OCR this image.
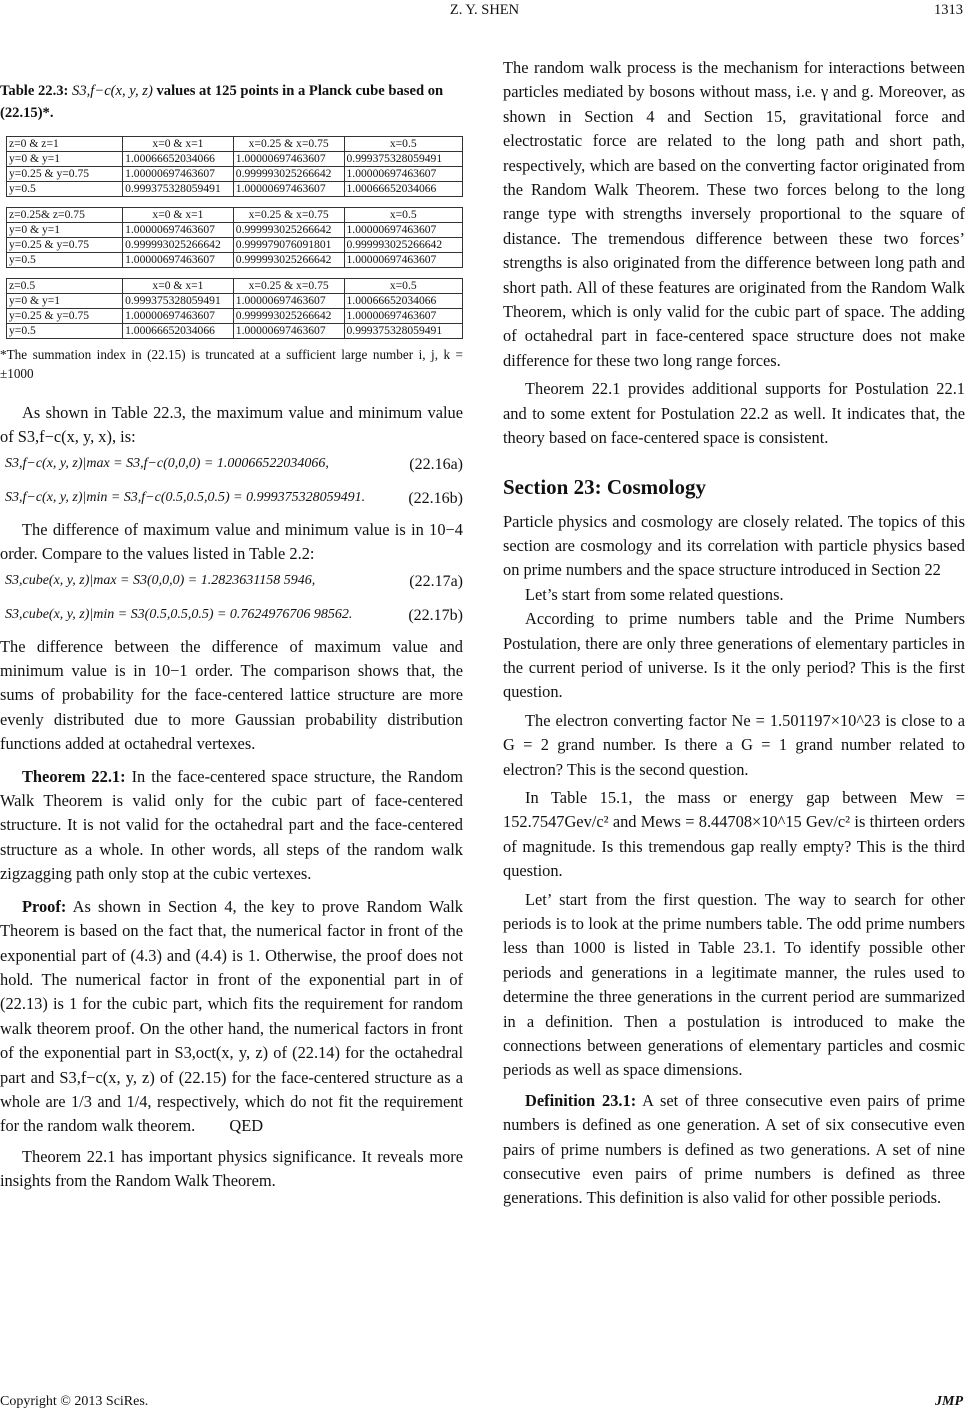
Z. Y. SHEN	1313
Table 22.3: S3,f−c(x, y, z) values at 125 points in a Planck cube based on (22.15)*.
z=0 & z=1	x=0 & x=1	x=0.25 & x=0.75	x=0.5
y=0 & y=1	1.00066652034066	1.00000697463607	0.999375328059491
y=0.25 & y=0.75	1.00000697463607	0.999993025266642	1.00000697463607
y=0.5	0.999375328059491	1.00000697463607	1.00066652034066
z=0.25& z=0.75	x=0 & x=1	x=0.25 & x=0.75	x=0.5
y=0 & y=1	1.00000697463607	0.999993025266642	1.00000697463607
y=0.25 & y=0.75	0.999993025266642	0.999979076091801	0.999993025266642
y=0.5	1.00000697463607	0.999993025266642	1.00000697463607
z=0.5	x=0 & x=1	x=0.25 & x=0.75	x=0.5
y=0 & y=1	0.999375328059491	1.00000697463607	1.00066652034066
y=0.25 & y=0.75	1.00000697463607	0.999993025266642	1.00000697463607
y=0.5	1.00066652034066	1.00000697463607	0.999375328059491
*The summation index in (22.15) is truncated at a sufficient large number i, j, k = ±1000

As shown in Table 22.3, the maximum value and minimum value of S3,f−c(x, y, x), is:

S3,f−c(x, y, z)|max = S3,f−c(0,0,0) = 1.00066522034066,	(22.16a)
S3,f−c(x, y, z)|min = S3,f−c(0.5,0.5,0.5) = 0.999375328059491.	(22.16b)

The difference of maximum value and minimum value is in 10−4 order. Compare to the values listed in Table 2.2:

S3,cube(x, y, z)|max = S3(0,0,0) = 1.2823631158 5946,	(22.17a)
S3,cube(x, y, z)|min = S3(0.5,0.5,0.5) = 0.7624976706 98562.	(22.17b)

The difference between the difference of maximum value and minimum value is in 10−1 order. The comparison shows that, the sums of probability for the face-centered lattice structure are more evenly distributed due to more Gaussian probability distribution functions added at octahedral vertexes.

Theorem 22.1: In the face-centered space structure, the Random Walk Theorem is valid only for the cubic part of face-centered structure. It is not valid for the octahedral part and the face-centered structure as a whole. In other words, all steps of the random walk zigzagging path only stop at the cubic vertexes.

Proof: As shown in Section 4, the key to prove Random Walk Theorem is based on the fact that, the numerical factor in front of the exponential part of (4.3) and (4.4) is 1. Otherwise, the proof does not hold. The numerical factor in front of the exponential part in of (22.13) is 1 for the cubic part, which fits the requirement for random walk theorem proof. On the other hand, the numerical factors in front of the exponential part in S3,oct(x, y, z) of (22.14) for the octahedral part and S3,f−c(x, y, z) of (22.15) for the face-centered structure as a whole are 1/3 and 1/4, respectively, which do not fit the requirement for the random walk theorem. QED

Theorem 22.1 has important physics significance. It reveals more insights from the Random Walk Theorem.

The random walk process is the mechanism for interactions between particles mediated by bosons without mass, i.e. γ and g. Moreover, as shown in Section 4 and Section 15, gravitational force and electrostatic force are related to the long path and short path, respectively, which are based on the converting factor originated from the Random Walk Theorem. These two forces belong to the long range type with strengths inversely proportional to the square of distance. The tremendous difference between these two forces’ strengths is also originated from the difference between long path and short path. All of these features are originated from the Random Walk Theorem, which is only valid for the cubic part of space. The adding of octahedral part in face-centered space structure does not make difference for these two long range forces.

Theorem 22.1 provides additional supports for Postulation 22.1 and to some extent for Postulation 22.2 as well. It indicates that, the theory based on face-centered space is consistent.

Section 23: Cosmology

Particle physics and cosmology are closely related. The topics of this section are cosmology and its correlation with particle physics based on prime numbers and the space structure introduced in Section 22

Let’s start from some related questions.

According to prime numbers table and the Prime Numbers Postulation, there are only three generations of elementary particles in the current period of universe. Is it the only period? This is the first question.

The electron converting factor Ne = 1.501197×10^23 is close to a G = 2 grand number. Is there a G = 1 grand number related to electron? This is the second question.

In Table 15.1, the mass or energy gap between Mew = 152.7547Gev/c² and Mews = 8.44708×10^15 Gev/c² is thirteen orders of magnitude. Is this tremendous gap really empty? This is the third question.

Let’ start from the first question. The way to search for other periods is to look at the prime numbers table. The odd prime numbers less than 1000 is listed in Table 23.1. To identify possible other periods and generations in a legitimate manner, the rules used to determine the three generations in the current period are summarized in a definition. Then a postulation is introduced to make the connections between generations of elementary particles and cosmic periods as well as space dimensions.

Definition 23.1: A set of three consecutive even pairs of prime numbers is defined as one generation. A set of six consecutive even pairs of prime numbers is defined as two generations. A set of nine consecutive even pairs of prime numbers is defined as three generations. This definition is also valid for other possible periods.

Copyright © 2013 SciRes.	JMP
